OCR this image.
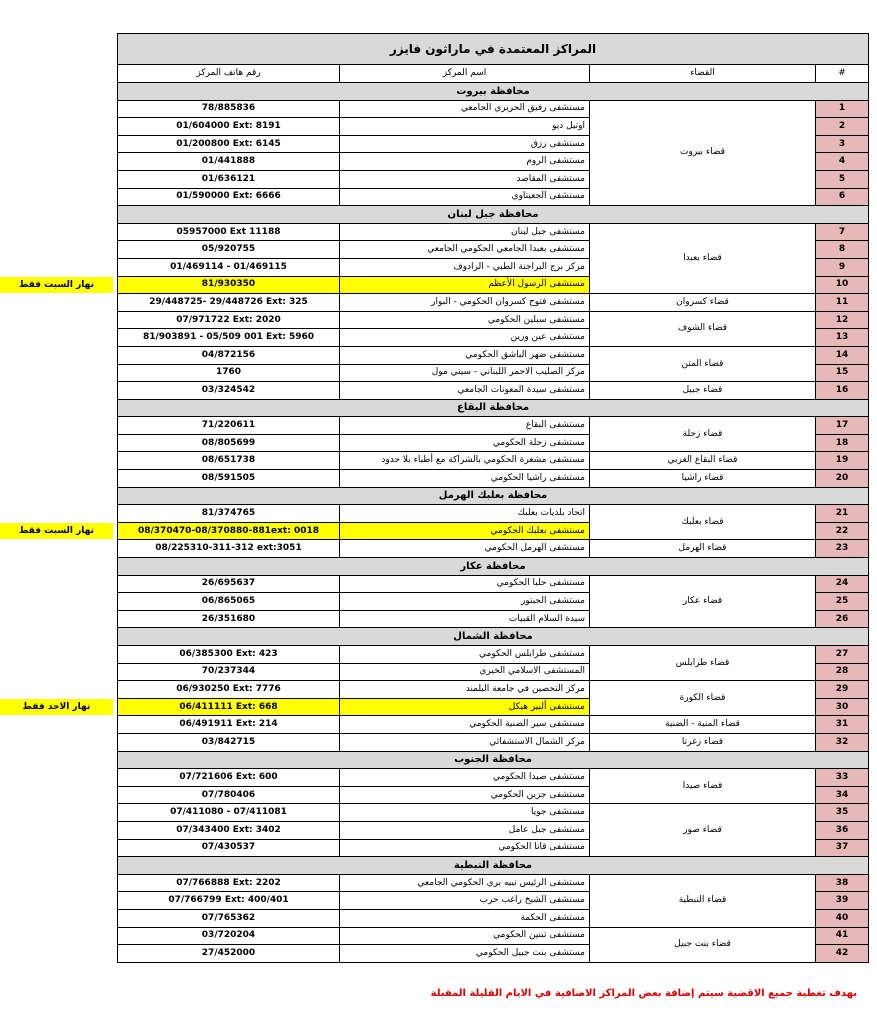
المراكز المعتمدة في ماراثون فايزر			
رقم هاتف المركز	اسم المركز	القضاء	#
محافظة بيروت			
78/885836	مستشفى رفيق الحريري الجامعي	قضاء بيروت	1
01/604000 Ext: 8191	اوتيل ديو		2
01/200800 Ext: 6145	مستشفى رزق		3
01/441888	مستشفى الروم		4
01/636121	مستشفى المقاصد		5
01/590000 Ext: 6666	مستشفى الجعيتاوي		6
محافظة جبل لبنان			
05957000 Ext 11188	مستشفى جبل لبنان	قضاء بعبدا	7
05/920755	مستشفى بعبدا الجامعي الحكومي الجامعي		8
01/469114 - 01/469115	مركز برج البراجنة الطبي - الرادوف		9
81/930350	مستشفى الرسول الأعظم		10
29/448725- 29/448726 Ext: 325	مستشفى فتوح كسروان الحكومي - البوار	قضاء كسروان	11
07/971722 Ext: 2020	مستشفى سبلين الحكومي	قضاء الشوف	12
81/903891 - 05/509 001 Ext: 5960	مستشفى عين وزين		13
04/872156	مستشفى ضهر الباشق الحكومي	قضاء المتن	14
1760	مركز الصليب الاحمر اللبناني - سيتي مول		15
03/324542	مستشفى سيدة المعونات الجامعي	قضاء جبيل	16
محافظة البقاع			
71/220611	مستشفى البقاع	قضاء زحلة	17
08/805699	مستشفى زحلة الحكومي		18
08/651738	مستشفى مشغرة الحكومي بالشراكة مع أطباء بلا حدود	قضاء البقاع الغربي	19
08/591505	مستشفى راشيا الحكومي	قضاء راشيا	20
محافظة بعلبك الهرمل			
81/374765	اتحاد بلديات بعلبك	قضاء بعلبك	21
08/370470-08/370880-881ext: 0018	مستشفى بعلبك الحكومي		22
08/225310-311-312 ext:3051	مستشفى الهرمل الحكومي	قضاء الهرمل	23
محافظة عكار			
26/695637	مستشفى حلبا الحكومي	قضاء عكار	24
06/865065	مستشفى الحبتور		25
26/351680	سيدة السلام القبيات		26
محافظة الشمال			
06/385300 Ext: 423	مستشفى طرابلس الحكومي	قضاء طرابلس	27
70/237344	المستشفى الاسلامي الخيري		28
06/930250 Ext: 7776	مركز التحصين في جامعة البلمند	قضاء الكورة	29
06/411111 Ext: 668	مستشفى ألبير هيكل		30
06/491911 Ext: 214	مستشفى سير الضنية الحكومي	قضاء المنية - الضنية	31
03/842715	مركز الشمال الاستشفائي	قضاء زغرتا	32
محافظة الجنوب			
07/721606 Ext: 600	مستشفى صيدا الحكومي	قضاء صيدا	33
07/780406	مستشفى جزين الحكومي		34
07/411080 - 07/411081	مستشفى جويا	قضاء صور	35
07/343400 Ext: 3402	مستشفى جبل عامل		36
07/430537	مستشفى قانا الحكومي		37
محافظة النبطية			
07/766888 Ext: 2202	مستشفى الرئيس نبيه بري الحكومي الجامعي	قضاء النبطية	38
07/766799 Ext: 400/401	مستشفى الشيخ راغب حرب		39
07/765362	مستشفى الحكمة		40
03/720204	مستشفى تبنين الحكومي	قضاء بنت جبيل	41
27/452000	مستشفى بنت جبيل الحكومي		42
نهار السبت فقط
نهار السبت فقط
نهار الاحد فقط
بهدف تغطية جميع الاقضية سيتم إضافة بعض المراكز الاضافية في الايام القليلة المقبلة
